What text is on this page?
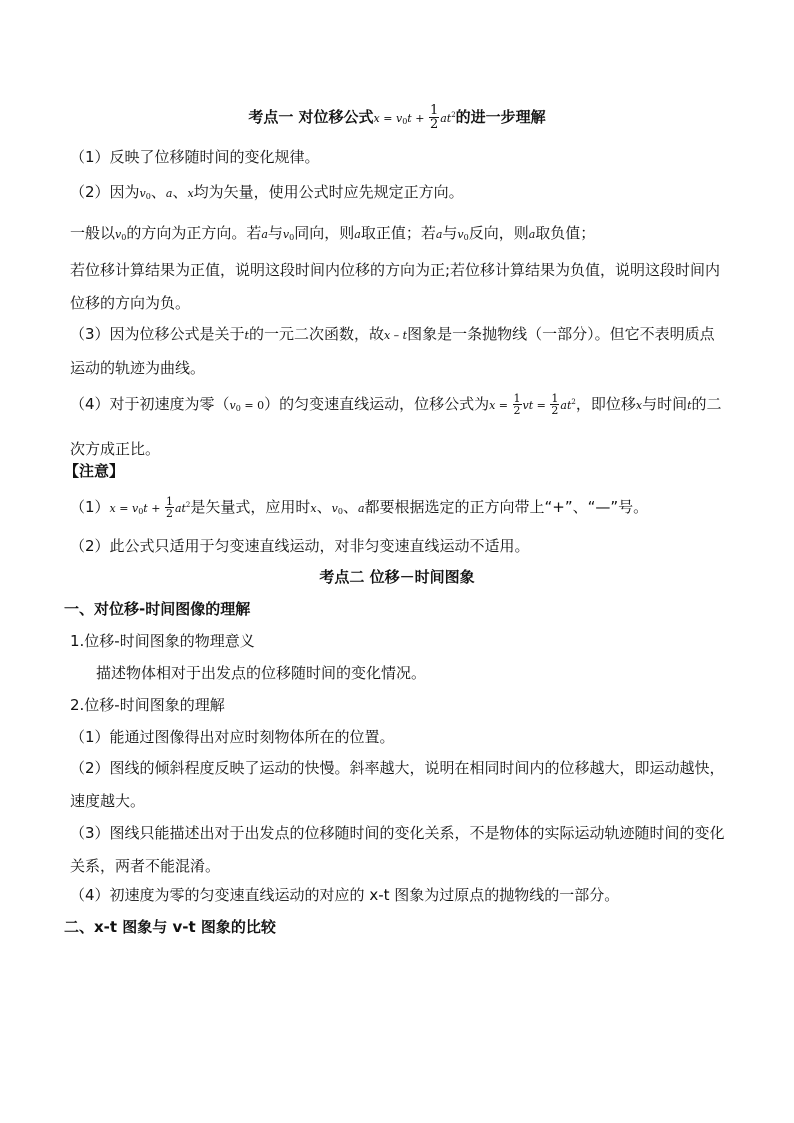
考点一 对位移公式$x = v_0t + \frac{1}{2} at^2$的进一步理解
（1）反映了位移随时间的变化规律。
（2）因为$v_0$、a、x均为矢量，使用公式时应先规定正方向。
一般以$v_0$的方向为正方向。若a与$v_0$同向，则a取正值；若a与$v_0$反向，则a取负值；
若位移计算结果为正值，说明这段时间内位移的方向为正;若位移计算结果为负值，说明这段时间内位移的方向为负。
（3）因为位移公式是关于t的一元二次函数，故x – t图象是一条抛物线（一部分）。但它不表明质点运动的轨迹为曲线。
（4）对于初速度为零$(v_0 = 0)$的匀变速直线运动，位移公式为$x = \frac{1}{2}$ vt = $\frac{1}{2} at^2$，即位移x与时间t的二次方成正比。
【注意】
$(1)x = v_0t + \frac{1}{2} at^2$是矢量式，应用时x、$v_0$、a都要根据选定的正方向带上“+”、“—”号。
（2）此公式只适用于匀变速直线运动，对非匀变速直线运动不适用。
考点二 位移－时间图象
一、对位移-时间图像的理解
1.位移-时间图象的物理意义
描述物体相对于出发点的位移随时间的变化情况。
2.位移-时间图象的理解
（1）能通过图像得出对应时刻物体所在的位置。
（2）图线的倾斜程度反映了运动的快慢。斜率越大，说明在相同时间内的位移越大，即运动越快，速度越大。
（3）图线只能描述出对于出发点的位移随时间的变化关系，不是物体的实际运动轨迹随时间的变化关系，两者不能混淆。
（4）初速度为零的匀变速直线运动的对应的 x-t 图象为过原点的抛物线的一部分。
二、x-t 图象与 v-t 图象的比较
